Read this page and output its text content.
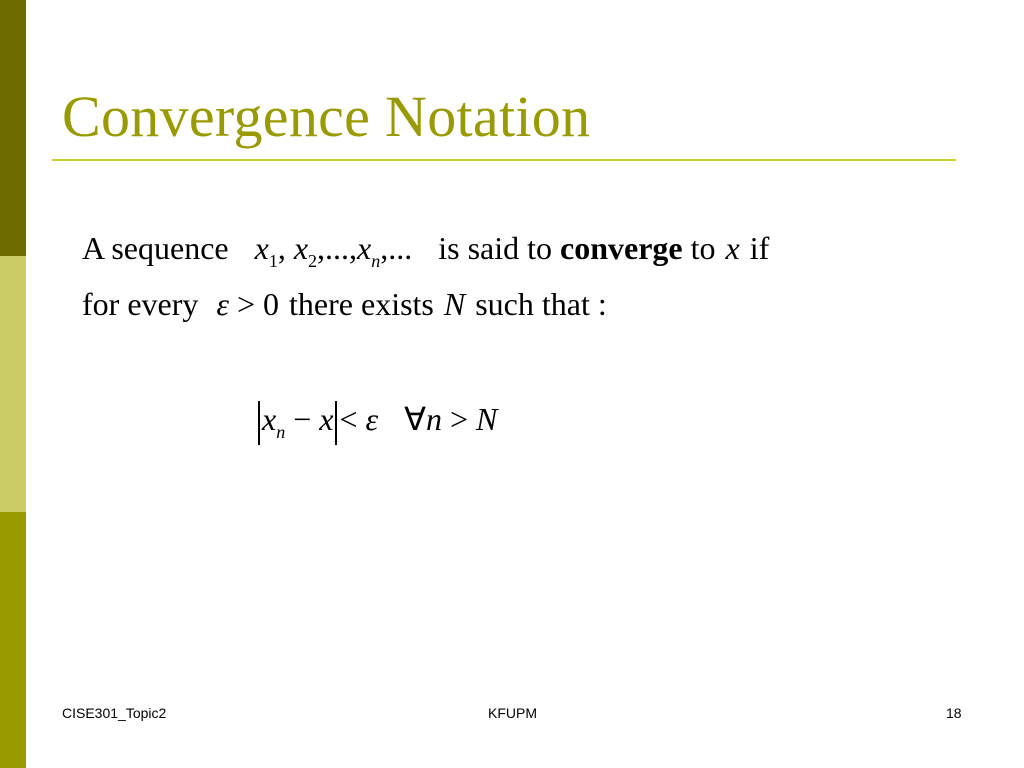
Convergence Notation
A sequence $x_1$, $x_2,...,x_n$,... is said to converge to x if
for every ε > 0 there exists N such that :
$x_n - x < \varepsilon$ ∀n > N
CISE301_Topic2	KFUPM	18
